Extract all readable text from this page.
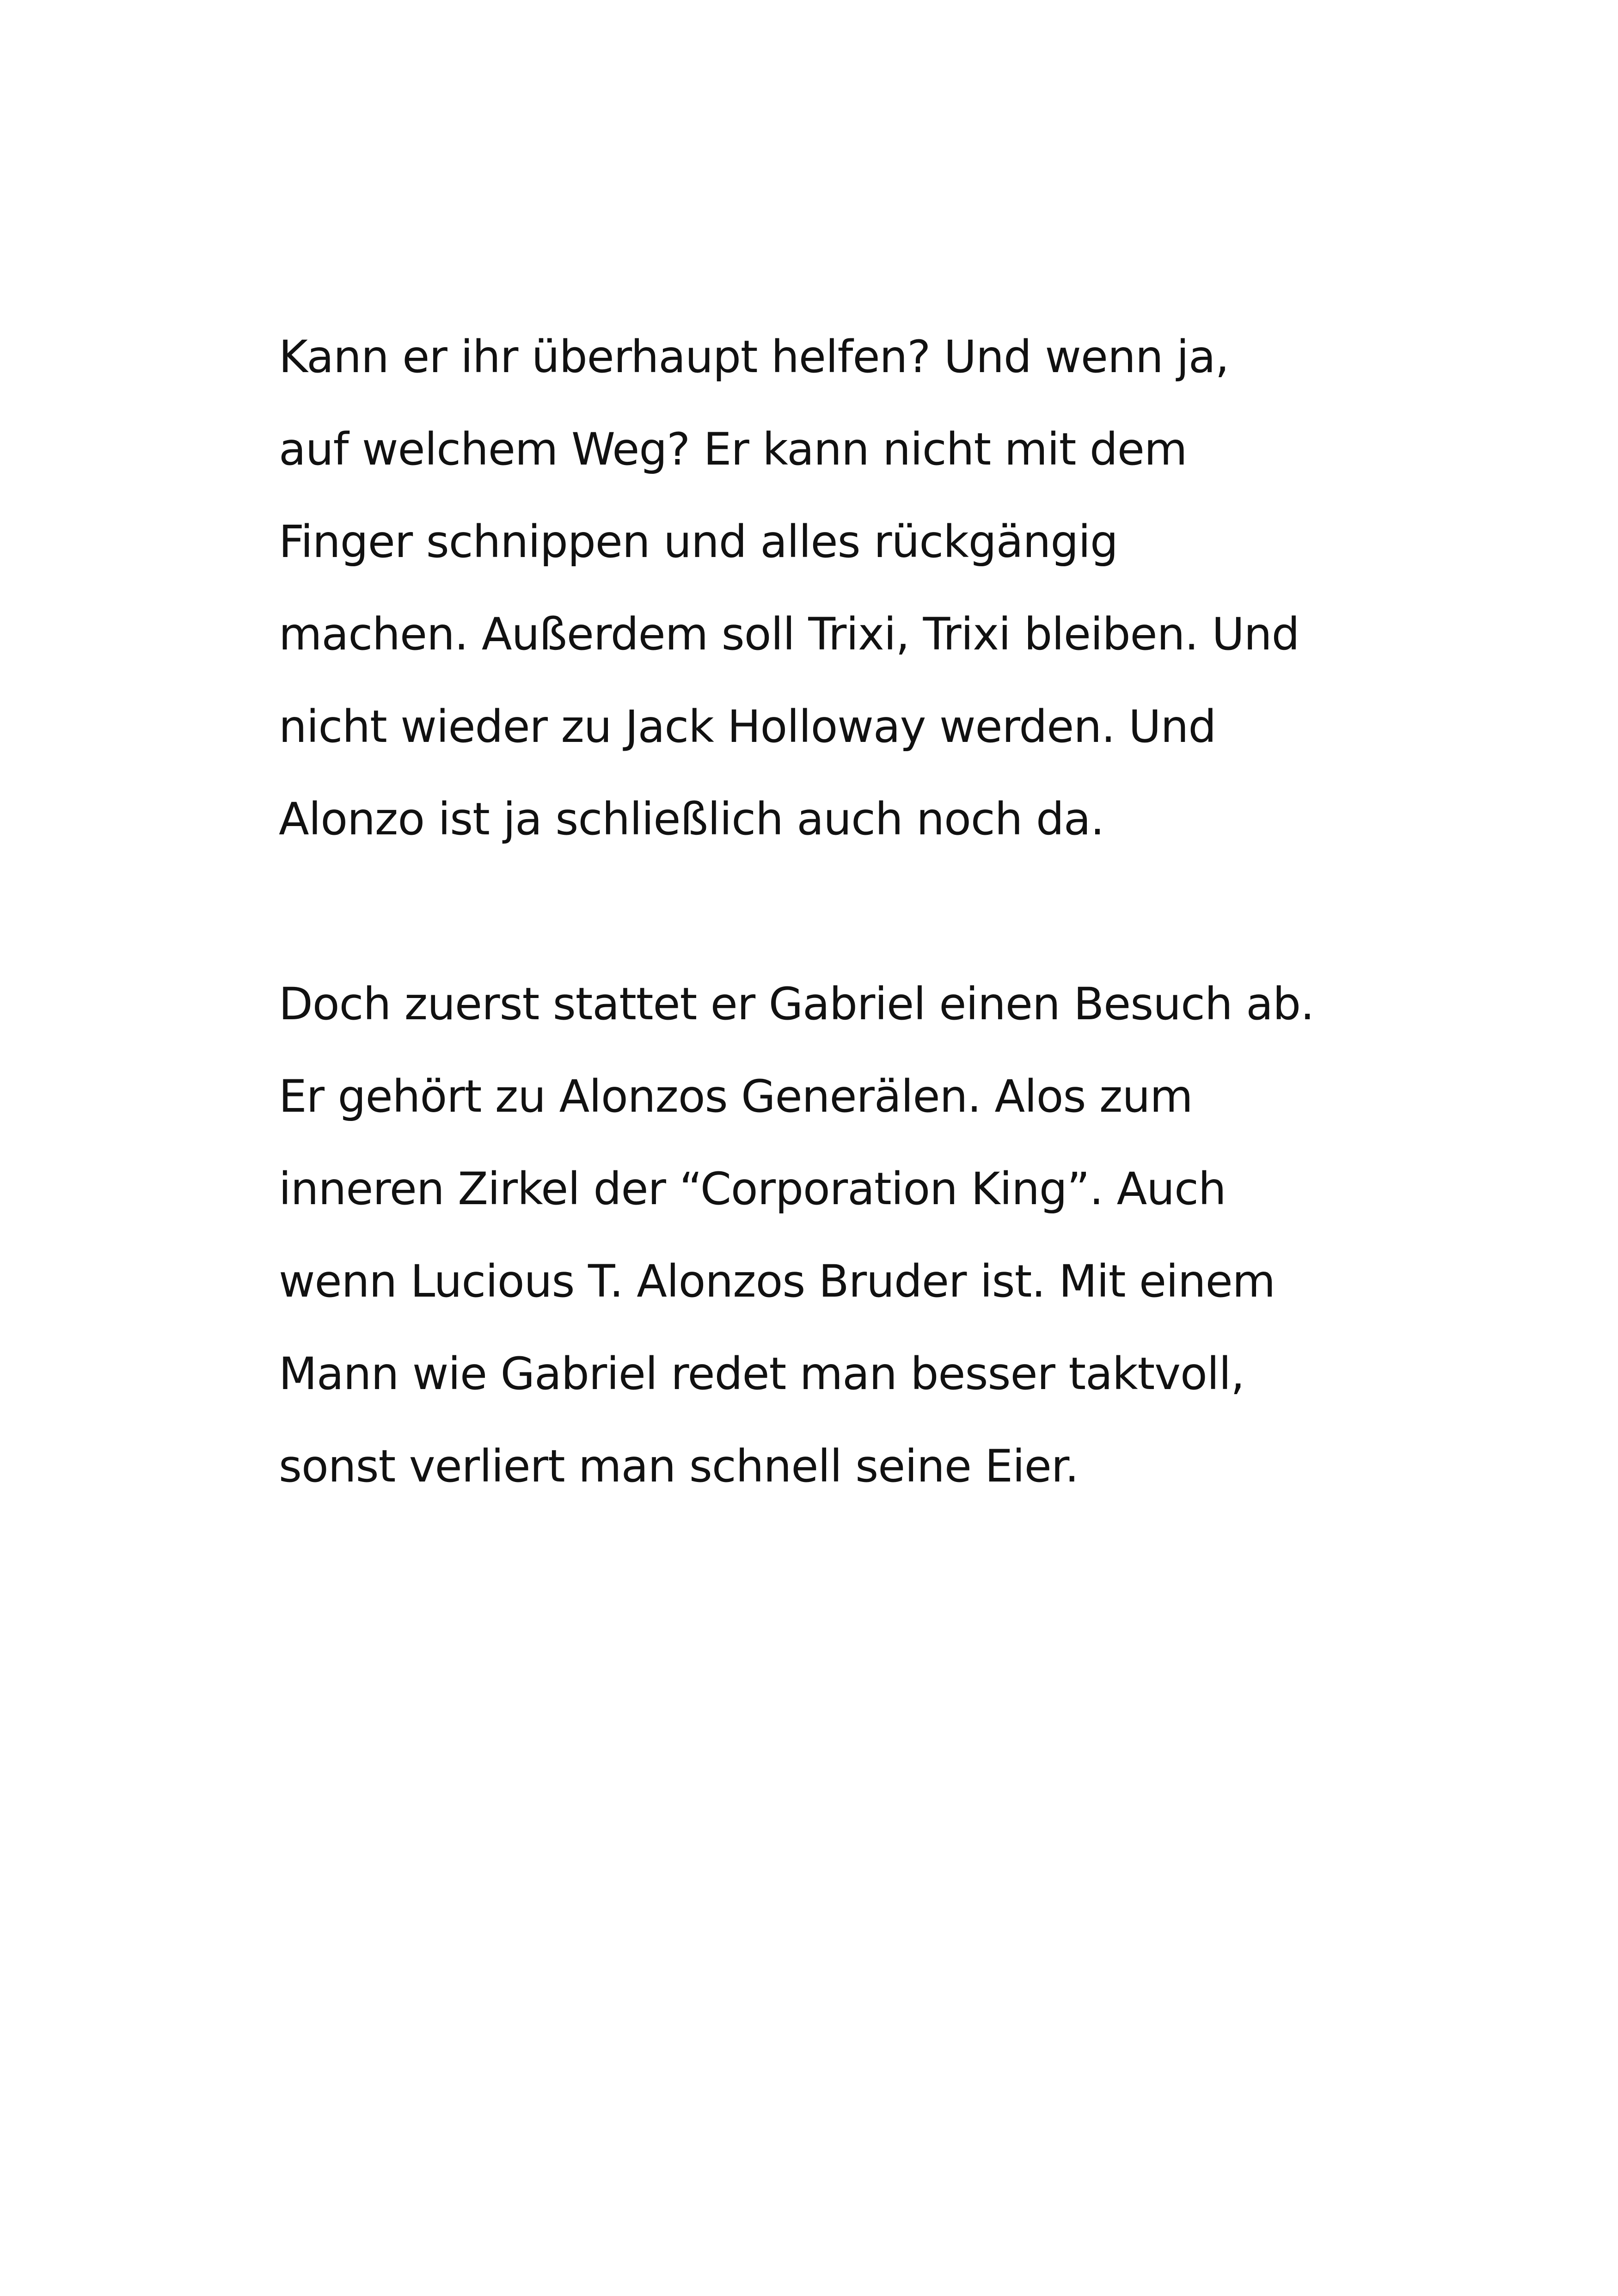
Kann er ihr überhaupt helfen? Und wenn ja,
auf welchem Weg? Er kann nicht mit dem
Finger schnippen und alles rückgängig
machen. Außerdem soll Trixi, Trixi bleiben. Und
nicht wieder zu Jack Holloway werden. Und
Alonzo ist ja schließlich auch noch da.
Doch zuerst stattet er Gabriel einen Besuch ab.
Er gehört zu Alonzos Generälen. Alos zum
inneren Zirkel der “Corporation King”. Auch
wenn Lucious T. Alonzos Bruder ist. Mit einem
Mann wie Gabriel redet man besser taktvoll,
sonst verliert man schnell seine Eier.
